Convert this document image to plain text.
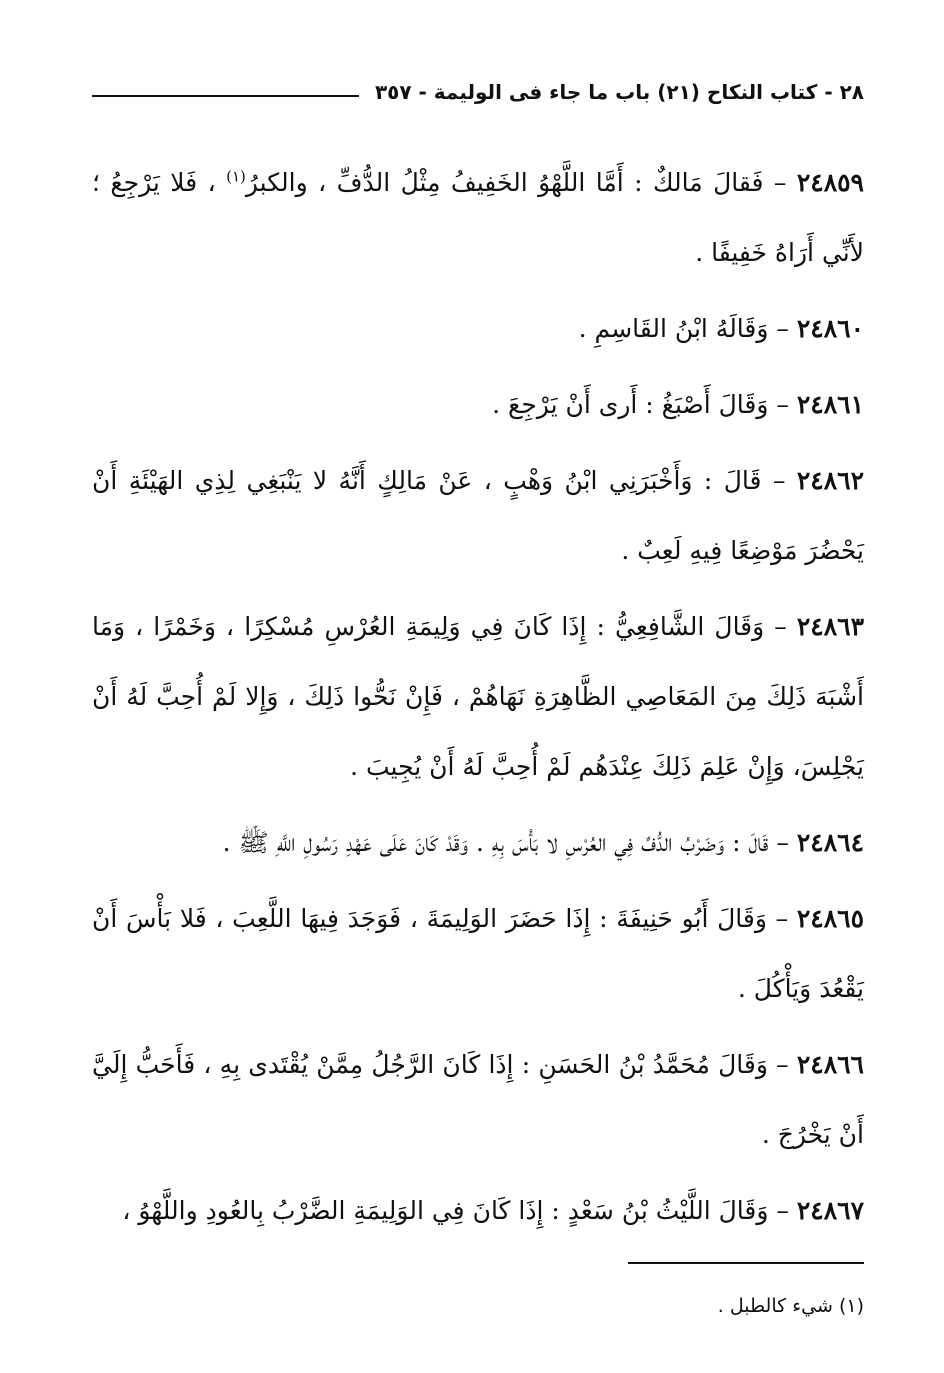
٢٨ - كتاب النكاح (٢١) باب ما جاء فى الوليمة - ٣٥٧

٢٤٨٥٩ – فَقالَ مَالكٌ : أَمَّا اللَّهْوُ الخَفِيفُ مِثْلُ الدُّفِّ ، والكبرُ$^{(١)}$ ، فَلا يَرْجِعُ ؛ لأَنِّي أَرَاهُ خَفِيفًا .

٢٤٨٦٠ – وَقَالَهُ ابْنُ القَاسِمِ .

٢٤٨٦١ – وَقَالَ أَصْبَغُ : أَرى أَنْ يَرْجِعَ .

٢٤٨٦٢ – قَالَ : وَأَخْبَرَنِي ابْنُ وَهْبٍ ، عَنْ مَالِكٍ أَنَّهُ لا يَنْبَغِي لِذِي الهَيْئَةِ أَنْ يَحْضُرَ مَوْضِعًا فِيهِ لَعِبٌ .

٢٤٨٦٣ – وَقَالَ الشَّافِعِيُّ : إِذَا كَانَ فِي وَلِيمَةِ العُرْسِ مُسْكِرًا ، وَخَمْرًا ، وَمَا أَشْبَهَ ذَلِكَ مِنَ المَعَاصِي الظَّاهِرَةِ نَهَاهُمْ ، فَإِنْ نَحُّوا ذَلِكَ ، وَإِلا لَمْ أُحِبَّ لَهُ أَنْ يَجْلِسَ، وَإِنْ عَلِمَ ذَلِكَ عِنْدَهُم لَمْ أُحِبَّ لَهُ أَنْ يُجِيبَ .

٢٤٨٦٤ – قَالَ : وَضَرْبُ الدُّفِّ فِي العُرْسِ لا بَأْسَ بِهِ . وَقَدْ كَانَ عَلَى عَهْدِ رَسُولِ اللَّهِ ﷺ .

٢٤٨٦٥ – وَقَالَ أَبُو حَنِيفَةَ : إِذَا حَضَرَ الوَلِيمَةَ ، فَوَجَدَ فِيهَا اللَّعِبَ ، فَلا بَأْسَ أَنْ يَقْعُدَ وَيَأْكُلَ .

٢٤٨٦٦ – وَقَالَ مُحَمَّدُ بْنُ الحَسَنِ : إِذَا كَانَ الرَّجُلُ مِمَّنْ يُقْتَدى بِهِ ، فَأَحَبُّ إِلَيَّ أَنْ يَخْرُجَ .

٢٤٨٦٧ – وَقَالَ اللَّيْثُ بْنُ سَعْدٍ : إِذَا كَانَ فِي الوَلِيمَةِ الضَّرْبُ بِالعُودِ واللَّهْوُ ،

(١) شيء كالطبل .
